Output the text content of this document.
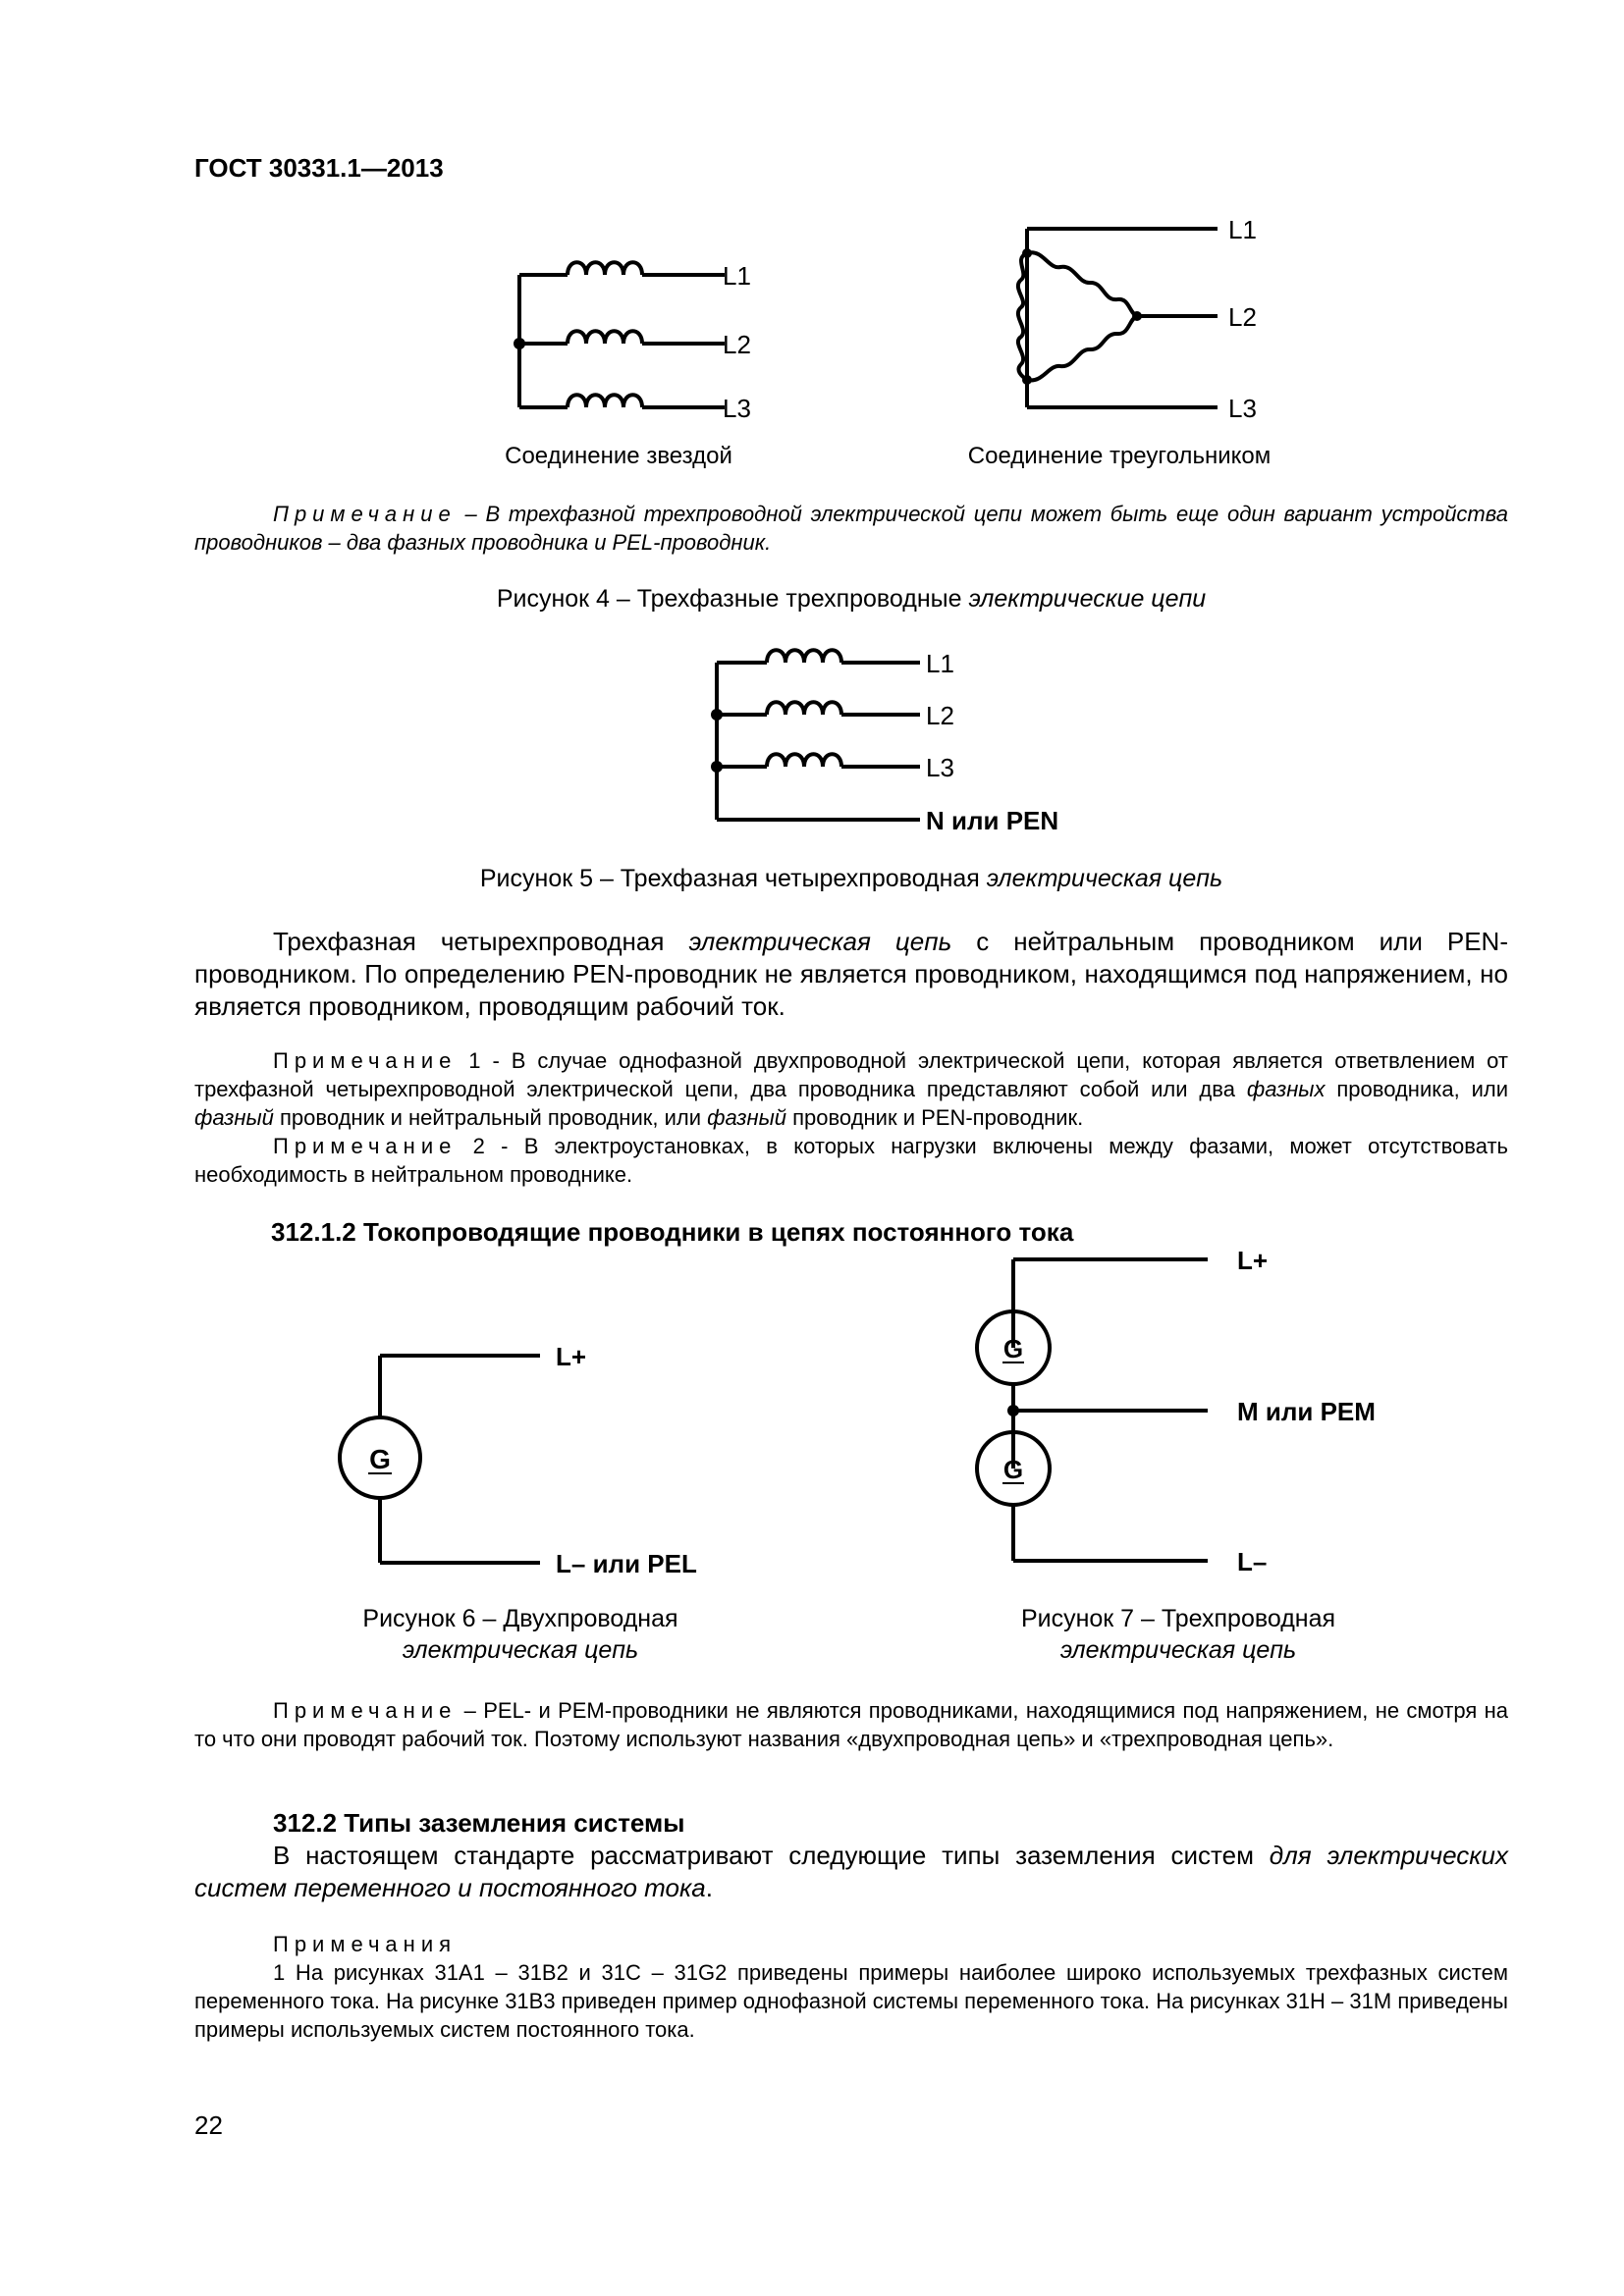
ГОСТ 30331.1—2013
L1
L2
L3
Соединение звездой
L1
L2
L3
Соединение треугольником

Примечание – В трехфазной трехпроводной электрической цепи может быть еще один вариант устройства проводников – два фазных проводника и PEL-проводник.

Рисунок 4 – Трехфазные трехпроводные электрические цепи
L1
L2
L3
N или PEN
Рисунок 5 – Трехфазная четырехпроводная электрическая цепь

Трехфазная четырехпроводная электрическая цепь с нейтральным проводником или PEN-проводником. По определению PEN-проводник не является проводником, находящимся под напряжением, но является проводником, проводящим рабочий ток.

Примечание 1 - В случае однофазной двухпроводной электрической цепи, которая является ответвлением от трехфазной четырехпроводной электрической цепи, два проводника представляют собой или два фазных проводника, или фазный проводник и нейтральный проводник, или фазный проводник и PEN-проводник.

Примечание 2 - В электроустановках, в которых нагрузки включены между фазами, может отсутствовать необходимость в нейтральном проводнике.

312.1.2 Токопроводящие проводники в цепях постоянного тока
G
L+
L– или PEL
Рисунок 6 – Двухпроводная
электрическая цепь
G
G
L+
M или PEM
L–
Рисунок 7 – Трехпроводная
электрическая цепь

Примечание – PEL- и PEM-проводники не являются проводниками, находящимися под напряжением, не смотря на то что они проводят рабочий ток. Поэтому используют названия «двухпроводная цепь» и «трехпроводная цепь».

312.2 Типы заземления системы

В настоящем стандарте рассматривают следующие типы заземления систем для электрических систем переменного и постоянного тока.

Примечания

1 На рисунках 31A1 – 31B2 и 31C – 31G2 приведены примеры наиболее широко используемых трехфазных систем переменного тока. На рисунке 31B3 приведен пример однофазной системы переменного тока. На рисунках 31H – 31M приведены примеры используемых систем постоянного тока.

22
